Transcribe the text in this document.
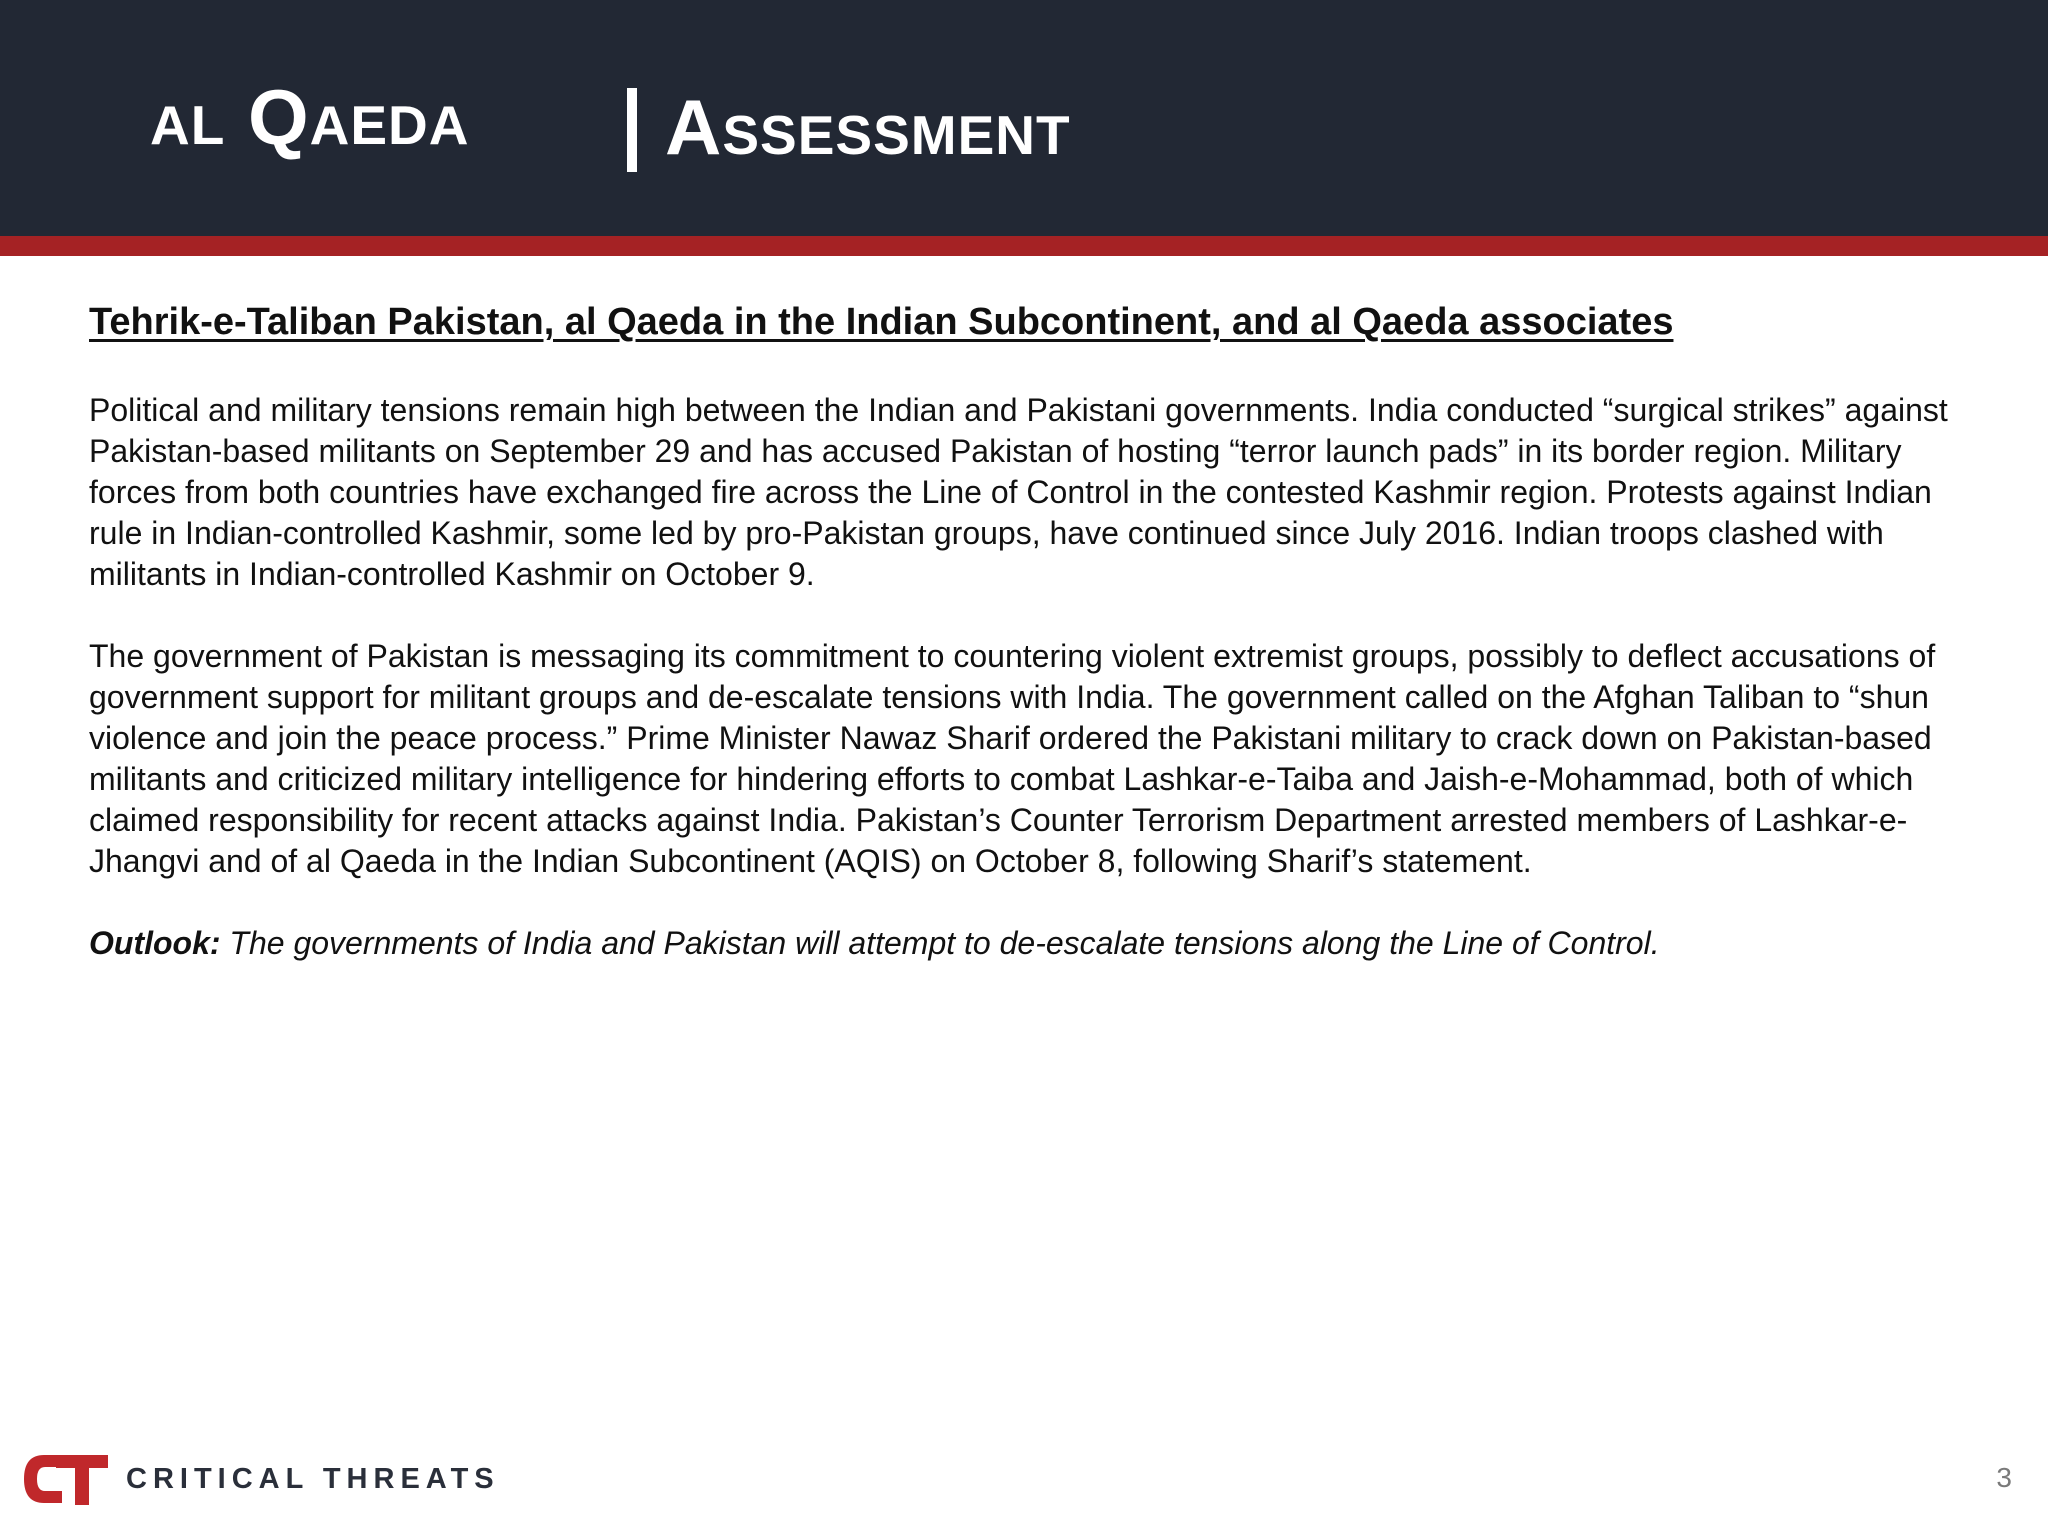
al Qaeda	Assessment
Tehrik-e-Taliban Pakistan, al Qaeda in the Indian Subcontinent, and al Qaeda associates

Political and military tensions remain high between the Indian and Pakistani governments. India conducted “surgical strikes” against Pakistan-based militants on September 29 and has accused Pakistan of hosting “terror launch pads” in its border region. Military forces from both countries have exchanged fire across the Line of Control in the contested Kashmir region. Protests against Indian rule in Indian-controlled Kashmir, some led by pro-Pakistan groups, have continued since July 2016. Indian troops clashed with militants in Indian-controlled Kashmir on October 9.

The government of Pakistan is messaging its commitment to countering violent extremist groups, possibly to deflect accusations of government support for militant groups and de-escalate tensions with India. The government called on the Afghan Taliban to “shun violence and join the peace process.” Prime Minister Nawaz Sharif ordered the Pakistani military to crack down on Pakistan-based militants and criticized military intelligence for hindering efforts to combat Lashkar-e-Taiba and Jaish-e-Mohammad, both of which claimed responsibility for recent attacks against India. Pakistan’s Counter Terrorism Department arrested members of Lashkar-e-Jhangvi and of al Qaeda in the Indian Subcontinent (AQIS) on October 8, following Sharif’s statement.

Outlook: The governments of India and Pakistan will attempt to de-escalate tensions along the Line of Control.

CRITICAL THREATS	3
